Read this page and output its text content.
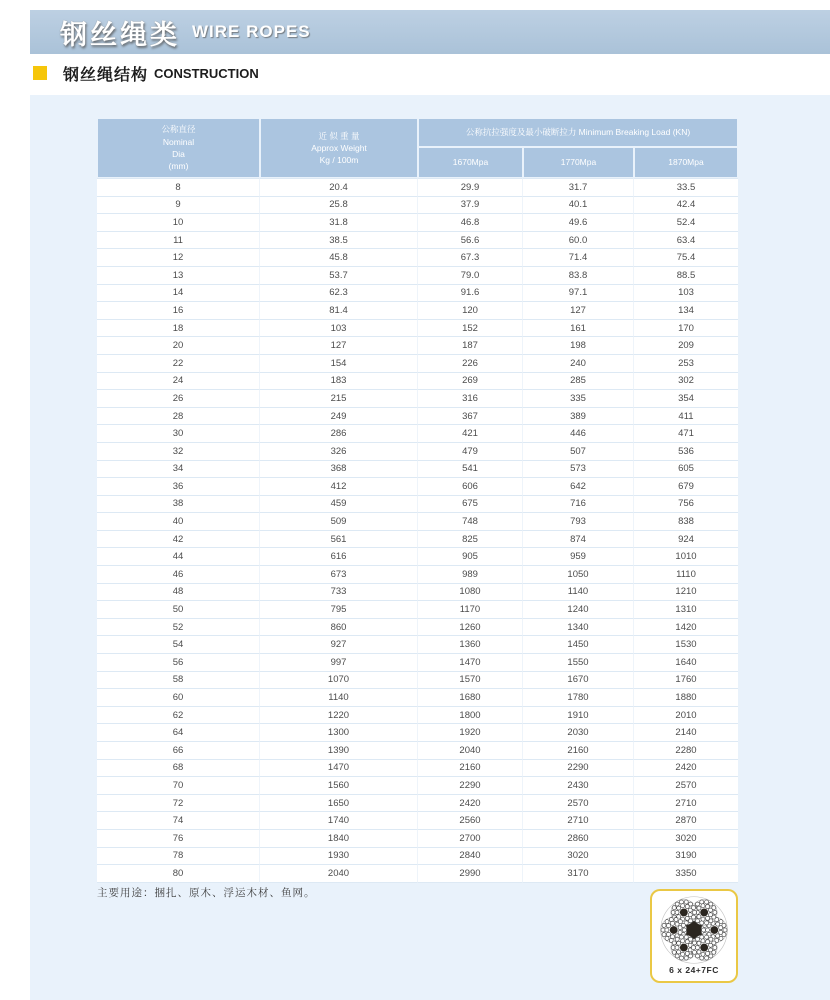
钢丝绳类 WIRE ROPES
钢丝绳结构 CONSTRUCTION
公称直径
Nominal
Dia
(mm)

近 似 重 量
Approx Weight
Kg / 100m
	公称抗拉强度及最小破断拉力 Minimum Breaking Load (KN)
		1670Mpa	1770Mpa	1870Mpa
8	20.4	29.9	31.7	33.5
9	25.8	37.9	40.1	42.4
10	31.8	46.8	49.6	52.4
11	38.5	56.6	60.0	63.4
12	45.8	67.3	71.4	75.4
13	53.7	79.0	83.8	88.5
14	62.3	91.6	97.1	103
16	81.4	120	127	134
18	103	152	161	170
20	127	187	198	209
22	154	226	240	253
24	183	269	285	302
26	215	316	335	354
28	249	367	389	411
30	286	421	446	471
32	326	479	507	536
34	368	541	573	605
36	412	606	642	679
38	459	675	716	756
40	509	748	793	838
42	561	825	874	924
44	616	905	959	1010
46	673	989	1050	1110
48	733	1080	1140	1210
50	795	1170	1240	1310
52	860	1260	1340	1420
54	927	1360	1450	1530
56	997	1470	1550	1640
58	1070	1570	1670	1760
60	1140	1680	1780	1880
62	1220	1800	1910	2010
64	1300	1920	2030	2140
66	1390	2040	2160	2280
68	1470	2160	2290	2420
70	1560	2290	2430	2570
72	1650	2420	2570	2710
74	1740	2560	2710	2870
76	1840	2700	2860	3020
78	1930	2840	3020	3190
80	2040	2990	3170	3350

主要用途：捆扎、原木、浮运木材、鱼网。

6 x 24+7FC
